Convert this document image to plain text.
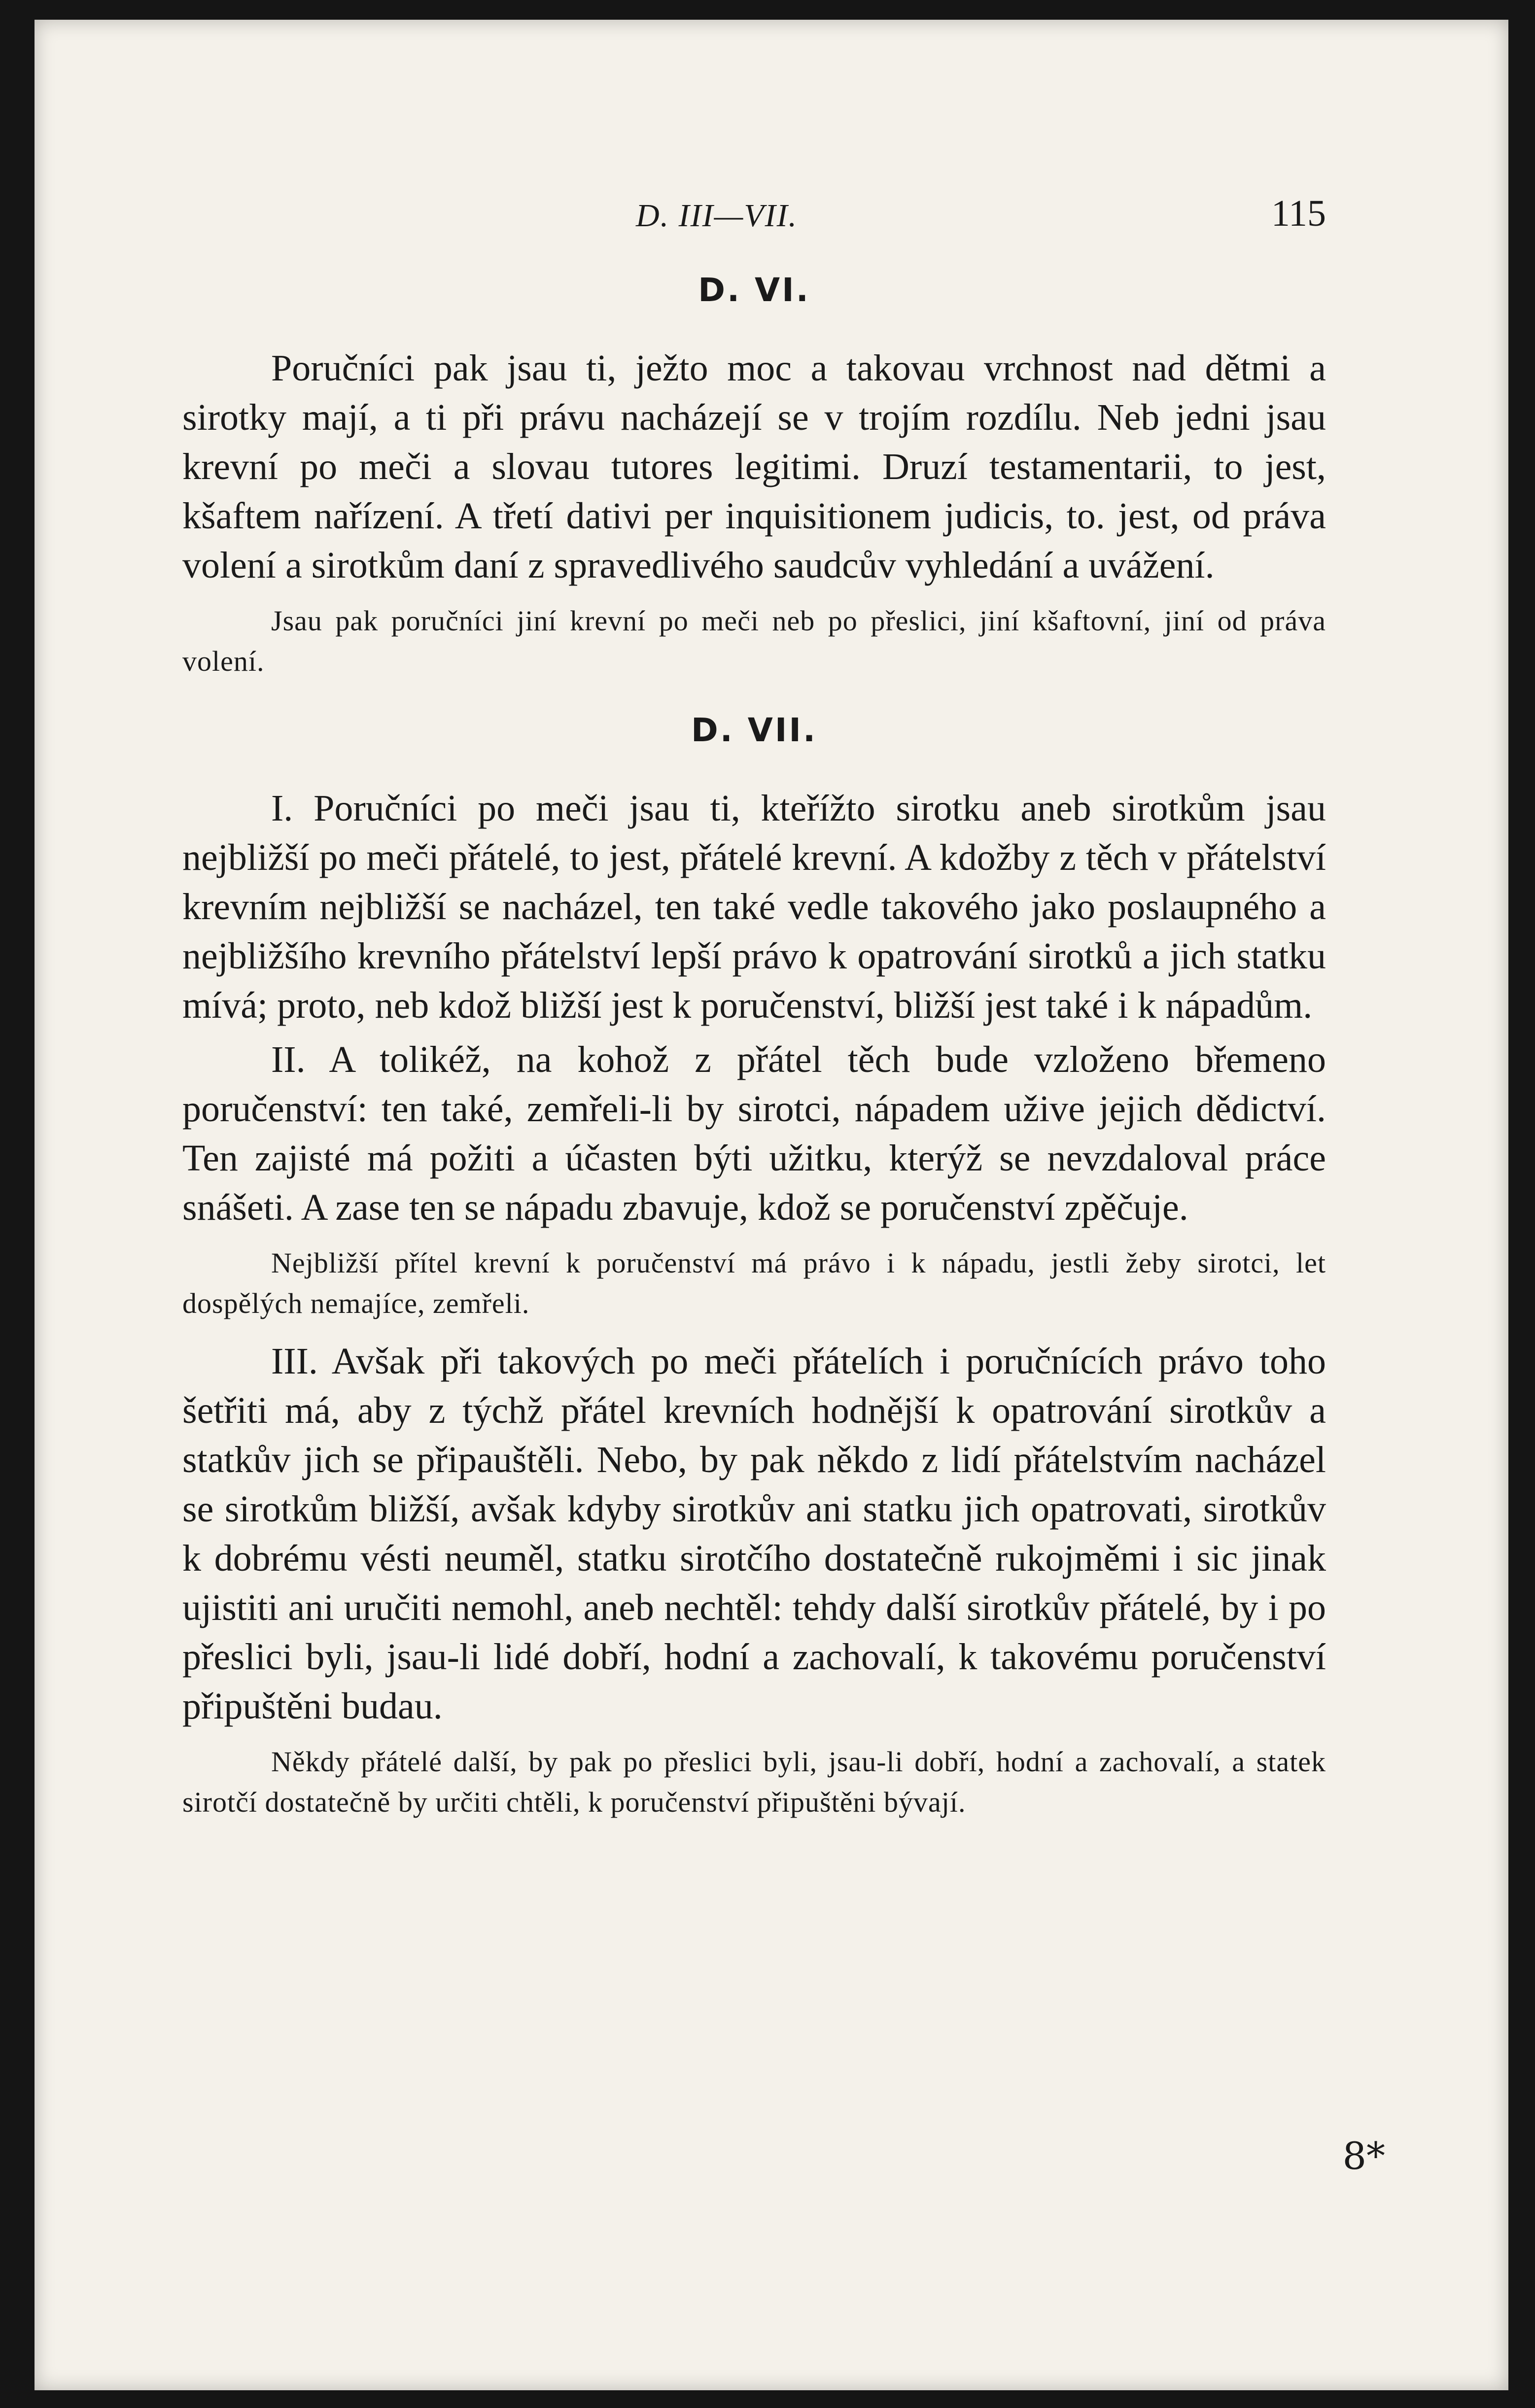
D. III—VII.	115
D. VI.

Poručníci pak jsau ti, ježto moc a takovau vrchnost nad dětmi a sirotky mají, a ti při právu nacházejí se v trojím rozdílu. Neb jedni jsau krevní po meči a slovau tutores legitimi. Druzí testamentarii, to jest, kšaftem nařízení. A třetí dativi per inquisitionem judicis, to. jest, od práva volení a sirotkům daní z spravedlivého saudcův vyhledání a uvážení.

Jsau pak poručníci jiní krevní po meči neb po přeslici, jiní kšaftovní, jiní od práva volení.

D. VII.

I. Poručníci po meči jsau ti, kteřížto sirotku aneb sirotkům jsau nejbližší po meči přátelé, to jest, přátelé krevní. A kdožby z těch v přátelství krevním nejbližší se nacházel, ten také vedle takového jako poslaupného a nejbližšího krevního přátelství lepší právo k opatrování sirotků a jich statku mívá; proto, neb kdož bližší jest k poručenství, bližší jest také i k nápadům.

II. A tolikéž, na kohož z přátel těch bude vzloženo břemeno poručenství: ten také, zemřeli-li by sirotci, nápadem užive jejich dědictví. Ten zajisté má požiti a účasten býti užitku, kterýž se nevzdaloval práce snášeti. A zase ten se nápadu zbavuje, kdož se poručenství zpěčuje.

Nejbližší přítel krevní k poručenství má právo i k nápadu, jestli žeby sirotci, let dospělých nemajíce, zemřeli.

III. Avšak při takových po meči přátelích i poručnících právo toho šetřiti má, aby z týchž přátel krevních hodnější k opatrování sirotkův a statkův jich se připauštěli. Nebo, by pak někdo z lidí přátelstvím nacházel se sirotkům bližší, avšak kdyby sirotkův ani statku jich opatrovati, sirotkův k dobrému vésti neuměl, statku sirotčího dostatečně rukojměmi i sic jinak ujistiti ani uručiti nemohl, aneb nechtěl: tehdy další sirotkův přátelé, by i po přeslici byli, jsau-li lidé dobří, hodní a zachovalí, k takovému poručenství připuštěni budau.

Někdy přátelé další, by pak po přeslici byli, jsau-li dobří, hodní a zachovalí, a statek sirotčí dostatečně by určiti chtěli, k poručenství připuštěni bývají.

8*
